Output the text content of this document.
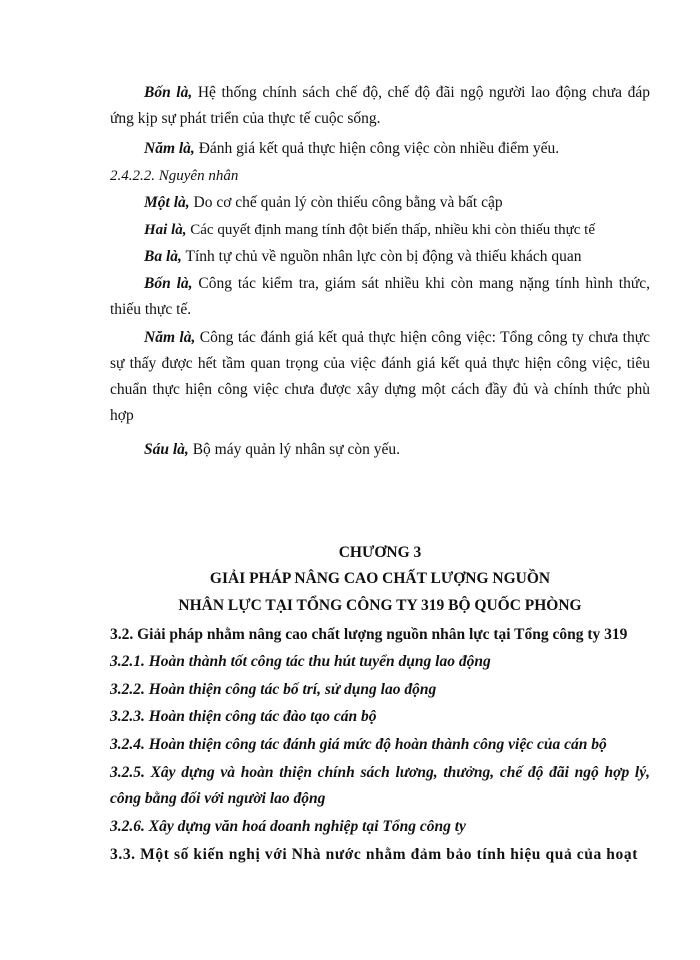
Bốn là, Hệ thống chính sách chế độ, chế độ đãi ngộ người lao động chưa đáp ứng kịp sự phát triển của thực tế cuộc sống.

Năm là, Đánh giá kết quả thực hiện công việc còn nhiều điểm yếu.

2.4.2.2. Nguyên nhân

Một là, Do cơ chế quản lý còn thiếu công bằng và bất cập

Hai là, Các quyết định mang tính đột biến thấp, nhiều khi còn thiếu thực tế

Ba là, Tính tự chủ về nguồn nhân lực còn bị động và thiếu khách quan

Bốn là, Công tác kiểm tra, giám sát nhiều khi còn mang nặng tính hình thức, thiếu thực tế.

Năm là, Công tác đánh giá kết quả thực hiện công việc: Tổng công ty chưa thực sự thấy được hết tầm quan trọng của việc đánh giá kết quả thực hiện công việc, tiêu chuẩn thực hiện công việc chưa được xây dựng một cách đầy đủ và chính thức phù hợp

Sáu là, Bộ máy quản lý nhân sự còn yếu.

CHƯƠNG 3
GIẢI PHÁP NÂNG CAO CHẤT LƯỢNG NGUỒN
NHÂN LỰC TẠI TỔNG CÔNG TY 319 BỘ QUỐC PHÒNG

3.2. Giải pháp nhằm nâng cao chất lượng nguồn nhân lực tại Tổng công ty 319

3.2.1. Hoàn thành tốt công tác thu hút tuyển dụng lao động

3.2.2. Hoàn thiện công tác bố trí, sử dụng lao động

3.2.3. Hoàn thiện công tác đào tạo cán bộ

3.2.4. Hoàn thiện công tác đánh giá mức độ hoàn thành công việc của cán bộ

3.2.5. Xây dựng và hoàn thiện chính sách lương, thưởng, chế độ đãi ngộ hợp lý, công bằng đối với người lao động

3.2.6. Xây dựng văn hoá doanh nghiệp tại Tổng công ty

3.3. Một số kiến nghị với Nhà nước nhằm đảm bảo tính hiệu quả của hoạt
